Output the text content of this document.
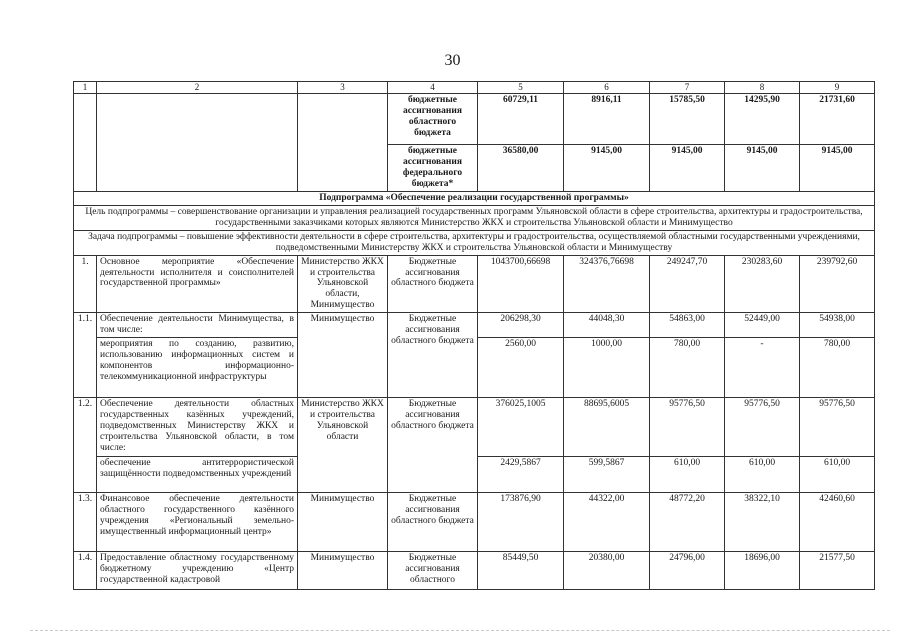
30
1	2	3	4	5	6	7	8	9
			бюджетные ассигнования областного бюджета	60729,11	8916,11	15785,50	14295,90	21731,60
			бюджетные ассигнования федерального бюджета*	36580,00	9145,00	9145,00	9145,00	9145,00
Подпрограмма «Обеспечение реализации государственной программы»								
Цель подпрограммы – совершенствование организации и управления реализацией государственных программ Ульяновской области в сфере строительства, архитектуры и градостроительства, государственными заказчиками которых являются Министерство ЖКХ и строительства Ульяновской области и Минимущество								
Задача подпрограммы – повышение эффективности деятельности в сфере строительства, архитектуры и градостроительства, осуществляемой областными государственными учреждениями, подведомственными Министерству ЖКХ и строительства Ульяновской области и Минимуществу								
1.	Основное мероприятие «Обеспечение деятельности исполнителя и соисполнителей государственной программы»	Министерство ЖКХ и строительства Ульяновской области, Минимущество	Бюджетные ассигнования областного бюджета	1043700,66698	324376,76698	249247,70	230283,60	239792,60
1.1.	Обеспечение деятельности Минимущества, в том числе:	Минимущество	Бюджетные ассигнования областного бюджета	206298,30	44048,30	54863,00	52449,00	54938,00
	мероприятия по созданию, развитию, использованию информационных систем и компонентов информационно-телекоммуникационной инфраструктуры			2560,00	1000,00	780,00	-	780,00
1.2.	Обеспечение деятельности областных государственных казённых учреждений, подведомственных Министерству ЖКХ и строительства Ульяновской области, в том числе:	Министерство ЖКХ и строительства Ульяновской области	Бюджетные ассигнования областного бюджета	376025,1005	88695,6005	95776,50	95776,50	95776,50
	обеспечение антитеррористической защищённости подведомственных учреждений			2429,5867	599,5867	610,00	610,00	610,00
1.3.	Финансовое обеспечение деятельности областного государственного казённого учреждения «Региональный земельно-имущественный информационный центр»	Минимущество	Бюджетные ассигнования областного бюджета	173876,90	44322,00	48772,20	38322,10	42460,60
1.4.	Предоставление областному государственному бюджетному учреждению «Центр государственной кадастровой	Минимущество	Бюджетные ассигнования областного	85449,50	20380,00	24796,00	18696,00	21577,50
